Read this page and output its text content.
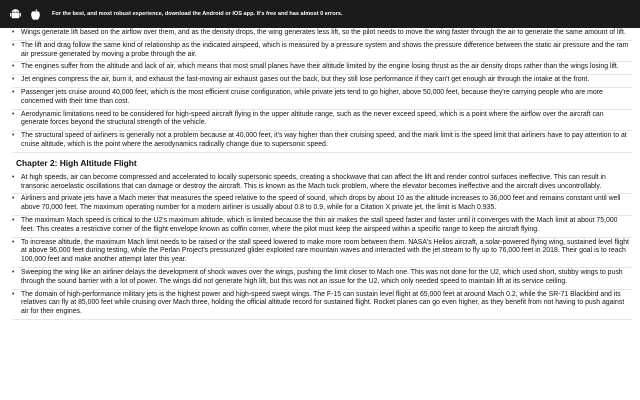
For the best, and most robust experience, download the Android or IOS app. It's free and has almost 0 errors.
• Wings generate lift based on the airflow over them, and as the density drops, the wing generates less lift, so the pilot needs to move the wing faster through the air to generate the same amount of lift.
• The lift and drag follow the same kind of relationship as the indicated airspeed, which is measured by a pressure system and shows the pressure difference between the static air pressure and the ram air pressure generated by moving a probe through the air.
• The engines suffer from the altitude and lack of air, which means that most small planes have their altitude limited by the engine losing thrust as the air density drops rather than the wings losing lift.
• Jet engines compress the air, burn it, and exhaust the fast-moving air exhaust gases out the back, but they still lose performance if they can't get enough air through the intake at the front.
• Passenger jets cruise around 40,000 feet, which is the most efficient cruise configuration, while private jets tend to go higher, above 50,000 feet, because they're carrying people who are more concerned with their time than cost.
• Aerodynamic limitations need to be considered for high-speed aircraft flying in the upper altitude range, such as the never exceed speed, which is a point where the airflow over the aircraft can generate forces beyond the structural strength of the vehicle.
• The structural speed of airliners is generally not a problem because at 40,000 feet, it's way higher than their cruising speed, and the mark limit is the speed limit that airliners have to pay attention to at cruise altitude, which is the point where the aerodynamics radically change due to supersonic speed.
Chapter 2: High Altitude Flight
• At high speeds, air can become compressed and accelerated to locally supersonic speeds, creating a shockwave that can affect the lift and render control surfaces ineffective. This can result in transonic aeroelastic oscillations that can damage or destroy the aircraft. This is known as the Mach tuck problem, where the elevator becomes ineffective and the aircraft dives uncontrollably.
• Airliners and private jets have a Mach meter that measures the speed relative to the speed of sound, which drops by about 10 as the altitude increases to 36,000 feet and remains constant until well above 70,000 feet. The maximum operating number for a modern airliner is usually about 0.8 to 0.9, while for a Citation X private jet, the limit is Mach 0.935.
• The maximum Mach speed is critical to the U2's maximum altitude, which is limited because the thin air makes the stall speed faster and faster until it converges with the Mach limit at about 75,000 feet. This creates a restrictive corner of the flight envelope known as coffin corner, where the pilot must keep the airspeed within a specific range to keep the aircraft flying.
• To increase altitude, the maximum Mach limit needs to be raised or the stall speed lowered to make more room between them. NASA's Helios aircraft, a solar-powered flying wing, sustained level flight at above 96,000 feet during testing, while the Perlan Project's pressurized glider exploited rare mountain waves and interacted with the jet stream to fly up to 76,000 feet in 2018. Their goal is to reach 100,000 feet and make another attempt later this year.
• Sweeping the wing like an airliner delays the development of shock waves over the wings, pushing the limit closer to Mach one. This was not done for the U2, which used short, stubby wings to push through the sound barrier with a lot of power. The wings did not generate high lift, but this was not an issue for the U2, which only needed speed to maintain lift at its service ceiling.
• The domain of high-performance military jets is the highest power and high-speed swept wings. The F-15 can sustain level flight at 65,000 feet at around Mach 0.2, while the SR-71 Blackbird and its relatives can fly at 85,000 feet while cruising over Mach three, holding the official altitude record for sustained flight. Rocket planes can go even higher, as they benefit from not having to push against air for their engines.
